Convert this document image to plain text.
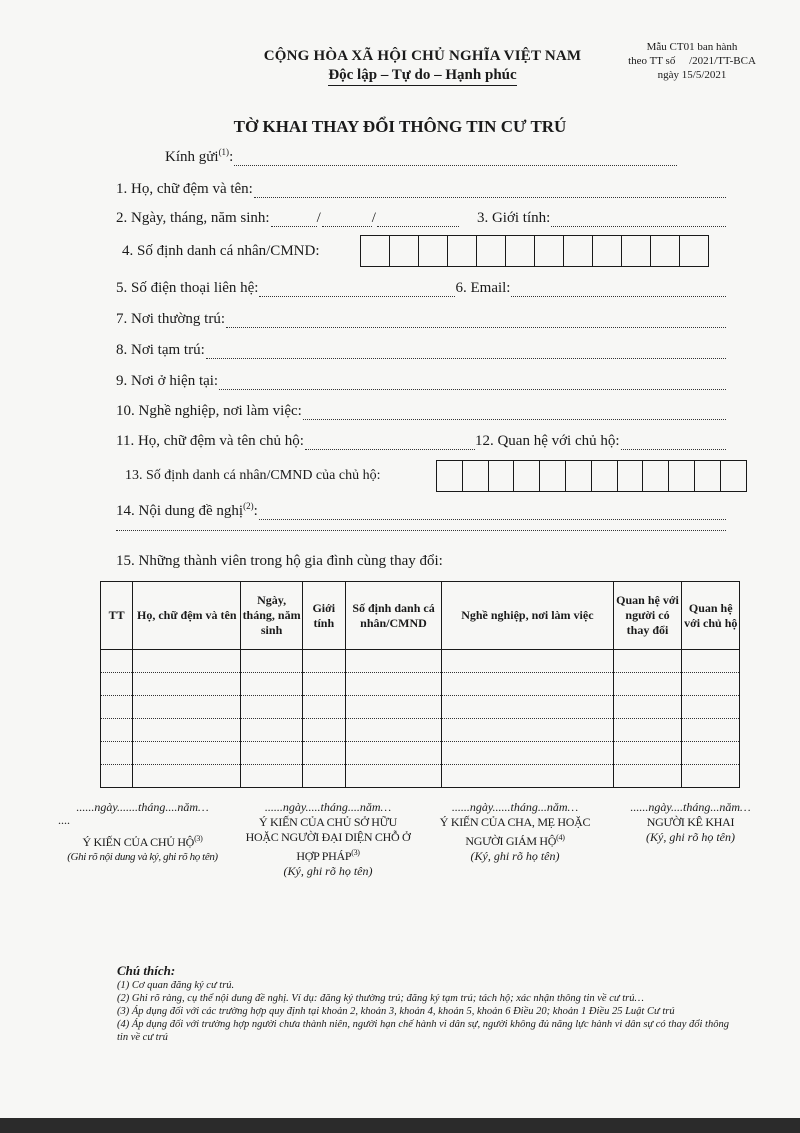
CỘNG HÒA XÃ HỘI CHỦ NGHĨA VIỆT NAM
Độc lập – Tự do – Hạnh phúc
Mẫu CT01 ban hành
theo TT số     /2021/TT-BCA
ngày 15/5/2021
TỜ KHAI THAY ĐỔI THÔNG TIN CƯ TRÚ
Kính gửi$^{(1)}$:
1. Họ, chữ đệm và tên:
2. Ngày, tháng, năm sinh:	/	/	3. Giới tính:
4. Số định danh cá nhân/CMND:
5. Số điện thoại liên hệ:	6. Email:
7. Nơi thường trú:
8. Nơi tạm trú:
9. Nơi ở hiện tại:
10. Nghề nghiệp, nơi làm việc:
11. Họ, chữ đệm và tên chủ hộ:	12. Quan hệ với chủ hộ:
13. Số định danh cá nhân/CMND của chủ hộ:
14. Nội dung đề nghị$^{(2)}$:
15. Những thành viên trong hộ gia đình cùng thay đổi:
TT	Họ, chữ đệm và tên	Ngày, tháng, năm sinh	Giới tính	Số định danh cá nhân/CMND	Nghề nghiệp, nơi làm việc	Quan hệ với người có thay đổi	Quan hệ với chủ hộ

......ngày.......tháng....năm…
....
Ý KIẾN CỦA CHỦ HỘ$^{(3)}$
(Ghi rõ nội dung và ký, ghi rõ họ tên)
......ngày.....tháng....năm…
Ý KIẾN CỦA CHỦ SỞ HỮU HOẶC NGƯỜI ĐẠI DIỆN CHỖ Ở HỢP PHÁP$^{(3)}$
(Ký, ghi rõ họ tên)
......ngày......tháng...năm…
Ý KIẾN CỦA CHA, MẸ HOẶC NGƯỜI GIÁM HỘ$^{(4)}$
(Ký, ghi rõ họ tên)
......ngày....tháng...năm…
NGƯỜI KÊ KHAI
(Ký, ghi rõ họ tên)
Chú thích:
(1) Cơ quan đăng ký cư trú.
(2) Ghi rõ ràng, cụ thể nội dung đề nghị. Ví dụ: đăng ký thường trú; đăng ký tạm trú; tách hộ; xác nhận thông tin về cư trú…
(3) Áp dụng đối với các trường hợp quy định tại khoản 2, khoản 3, khoản 4, khoản 5, khoản 6 Điều 20; khoản 1 Điều 25 Luật Cư trú
(4) Áp dụng đối với trường hợp người chưa thành niên, người hạn chế hành vi dân sự, người không đủ năng lực hành vi dân sự có thay đổi thông tin về cư trú
